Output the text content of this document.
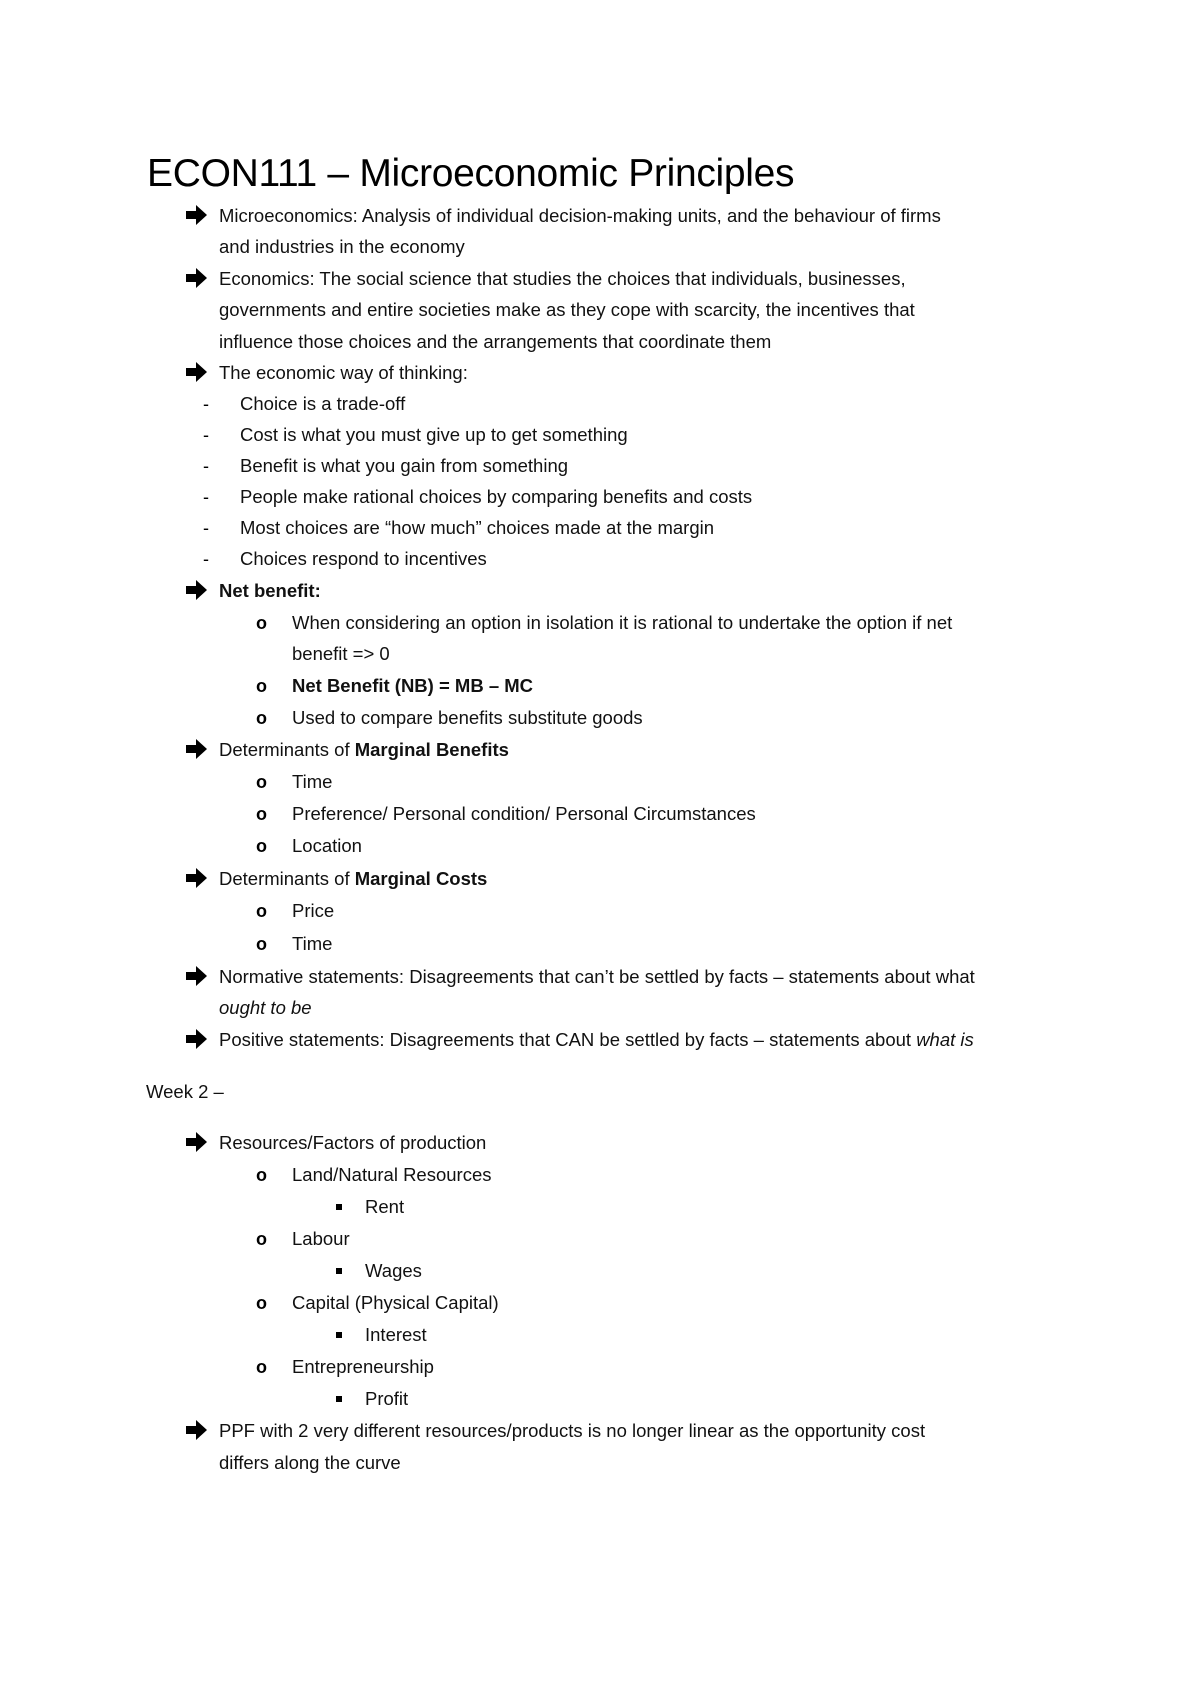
ECON111 – Microeconomic Principles
Microeconomics: Analysis of individual decision-making units, and the behaviour of firms
and industries in the economy
Economics: The social science that studies the choices that individuals, businesses,
governments and entire societies make as they cope with scarcity, the incentives that
influence those choices and the arrangements that coordinate them
The economic way of thinking:
- Choice is a trade-off
- Cost is what you must give up to get something
- Benefit is what you gain from something
- People make rational choices by comparing benefits and costs
- Most choices are “how much” choices made at the margin
- Choices respond to incentives
Net benefit:
o When considering an option in isolation it is rational to undertake the option if net
benefit => 0
o Net Benefit (NB) = MB – MC
o Used to compare benefits substitute goods
Determinants of Marginal Benefits
o Time
o Preference/ Personal condition/ Personal Circumstances
o Location
Determinants of Marginal Costs
o Price
o Time
Normative statements: Disagreements that can’t be settled by facts – statements about what
ought to be
Positive statements: Disagreements that CAN be settled by facts – statements about what is
Week 2 –
Resources/Factors of production
o Land/Natural Resources
Rent
o Labour
Wages
o Capital (Physical Capital)
Interest
o Entrepreneurship
Profit
PPF with 2 very different resources/products is no longer linear as the opportunity cost
differs along the curve
